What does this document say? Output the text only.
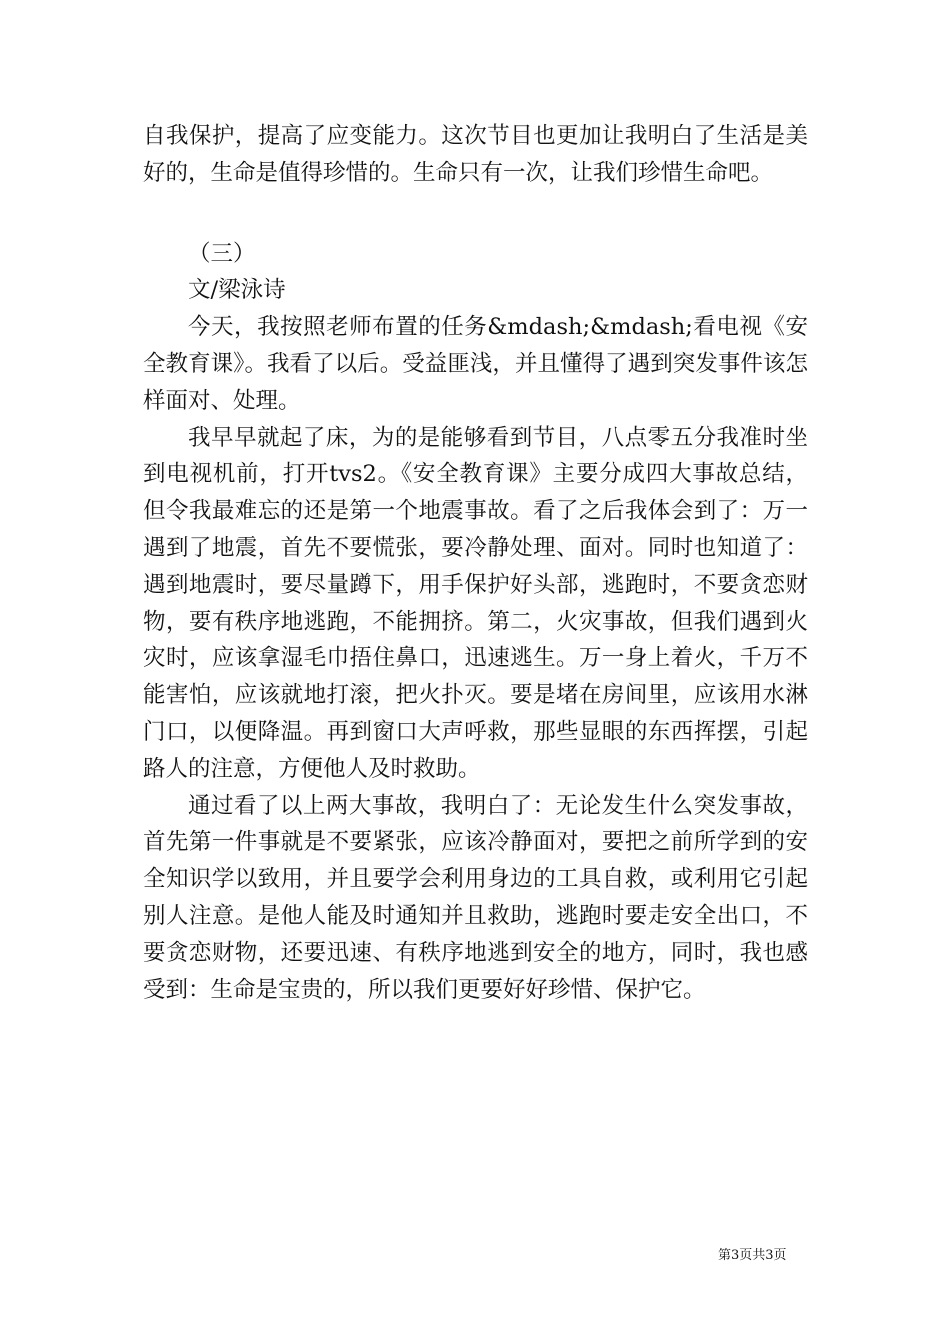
自我保护，提高了应变能力。这次节目也更加让我明白了生活是美好的，生命是值得珍惜的。生命只有一次，让我们珍惜生命吧。

（三）

文/梁泳诗

今天，我按照老师布置的任务&mdash;&mdash;看电视《安全教育课》。我看了以后。受益匪浅，并且懂得了遇到突发事件该怎样面对、处理。

我早早就起了床，为的是能够看到节目，八点零五分我准时坐到电视机前，打开tvs2。《安全教育课》主要分成四大事故总结，但令我最难忘的还是第一个地震事故。看了之后我体会到了：万一遇到了地震，首先不要慌张，要冷静处理、面对。同时也知道了：遇到地震时，要尽量蹲下，用手保护好头部，逃跑时，不要贪恋财物，要有秩序地逃跑，不能拥挤。第二，火灾事故，但我们遇到火灾时，应该拿湿毛巾捂住鼻口，迅速逃生。万一身上着火，千万不能害怕，应该就地打滚，把火扑灭。要是堵在房间里，应该用水淋门口，以便降温。再到窗口大声呼救，那些显眼的东西挥摆，引起路人的注意，方便他人及时救助。

通过看了以上两大事故，我明白了：无论发生什么突发事故，首先第一件事就是不要紧张，应该冷静面对，要把之前所学到的安全知识学以致用，并且要学会利用身边的工具自救，或利用它引起别人注意。是他人能及时通知并且救助，逃跑时要走安全出口，不要贪恋财物，还要迅速、有秩序地逃到安全的地方，同时，我也感受到：生命是宝贵的，所以我们更要好好珍惜、保护它。

第3页共3页
